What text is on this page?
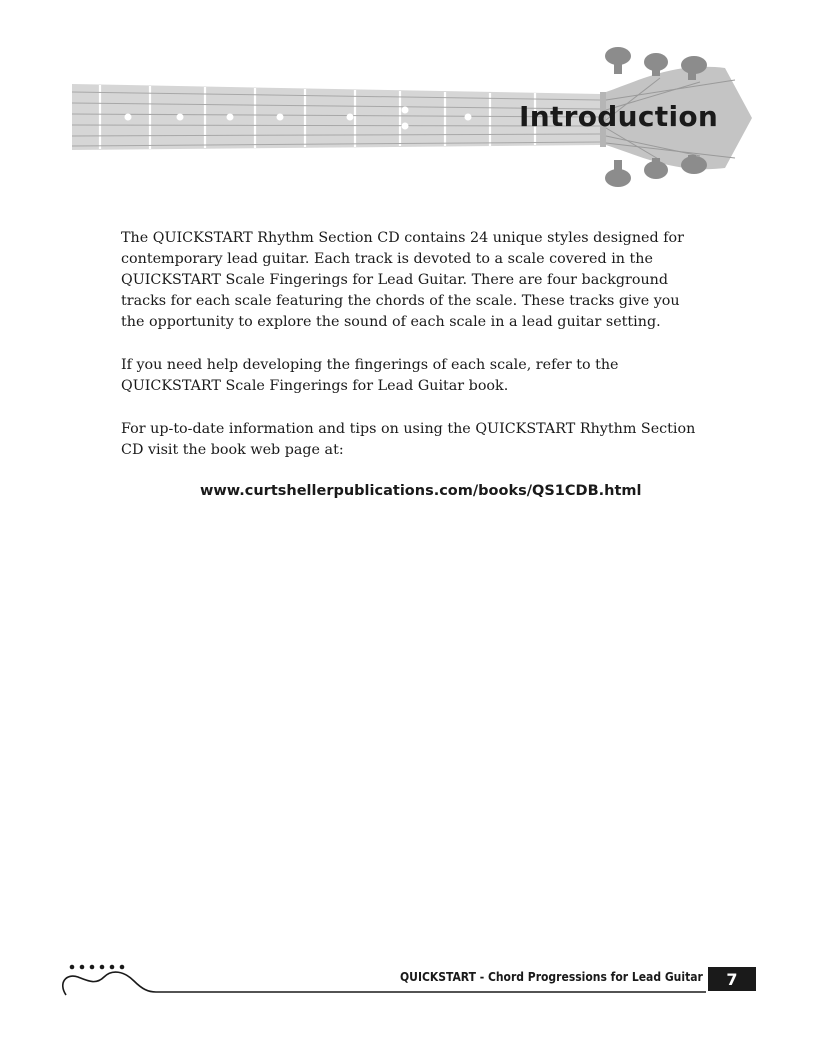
Introduction

The QUICKSTART Rhythm Section CD contains 24 unique styles designed for contemporary lead guitar. Each track is devoted to a scale covered in the QUICKSTART Scale Fingerings for Lead Guitar. There are four background tracks for each scale featuring the chords of the scale. These tracks give you the opportunity to explore the sound of each scale in a lead guitar setting.

If you need help developing the fingerings of each scale, refer to the QUICKSTART Scale Fingerings for Lead Guitar book.

For up-to-date information and tips on using the QUICKSTART Rhythm Section CD visit the book web page at:

www.curtshellerpublications.com/books/QS1CDB.html
QUICKSTART - Chord Progressions for Lead Guitar	7
